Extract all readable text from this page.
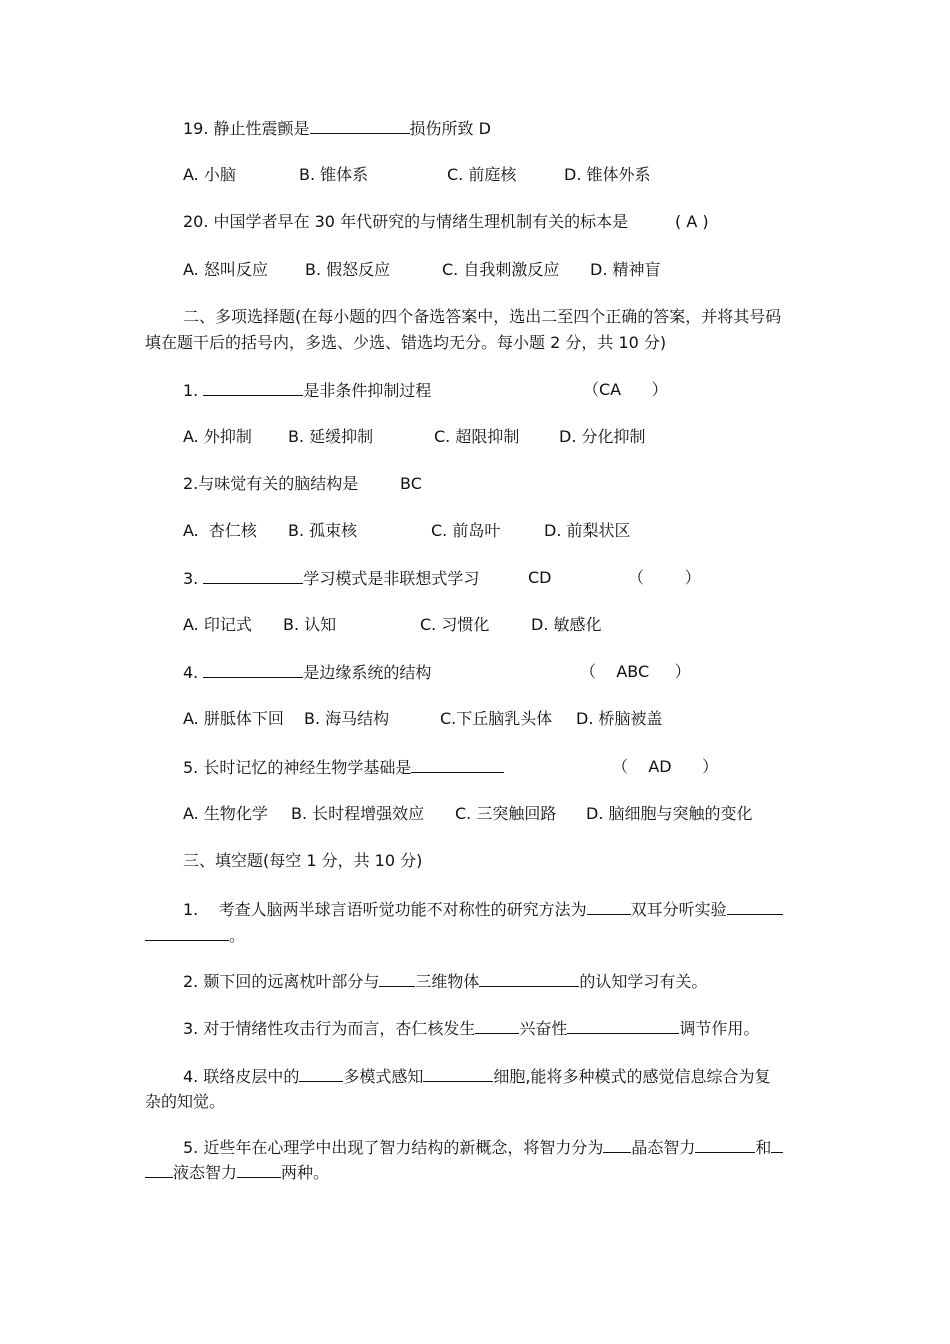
19. 静止性震颤是	损伤所致 D
A. 小脑	B. 锥体系	C. 前庭核	D. 锥体外系
20. 中国学者早在 30 年代研究的与情绪生理机制有关的标本是	( A )
A. 怒叫反应 B. 假怒反应	C. 自我刺激反应 D. 精神盲
二、多项选择题(在每小题的四个备选答案中，选出二至四个正确的答案，并将其号码
填在题干后的括号内，多选、少选、错选均无分。每小题 2 分，共 10 分)
1.	是非条件抑制过程	（CA      ）
A. 外抑制 B. 延缓抑制	C. 超限抑制 D. 分化抑制
2.与味觉有关的脑结构是	BC
A.  杏仁核 B. 孤束核	C. 前岛叶	D. 前梨状区
3.	学习模式是非联想式学习	CD	（        ）
A. 印记式 B. 认知	C. 习惯化	D. 敏感化
4.	是边缘系统的结构	（    ABC     ）
A. 胼胝体下回 B. 海马结构	C.下丘脑乳头体 D. 桥脑被盖
5. 长时记忆的神经生物学基础是	（    AD      ）
A. 生物化学 B. 长时程增强效应 C. 三突触回路 D. 脑细胞与突触的变化
三、填空题(每空 1 分，共 10 分)
1.    考查人脑两半球言语听觉功能不对称性的研究方法为	双耳分听实验
。
2. 颞下回的远离枕叶部分与 三维物体	的认知学习有关。
3. 对于情绪性攻击行为而言，杏仁核发生	兴奋性	调节作用。
4. 联络皮层中的	多模式感知	细胞,能将多种模式的感觉信息综合为复
杂的知觉。
5. 近些年在心理学中出现了智力结构的新概念，将智力分为 晶态智力	和
液态智力	两种。
